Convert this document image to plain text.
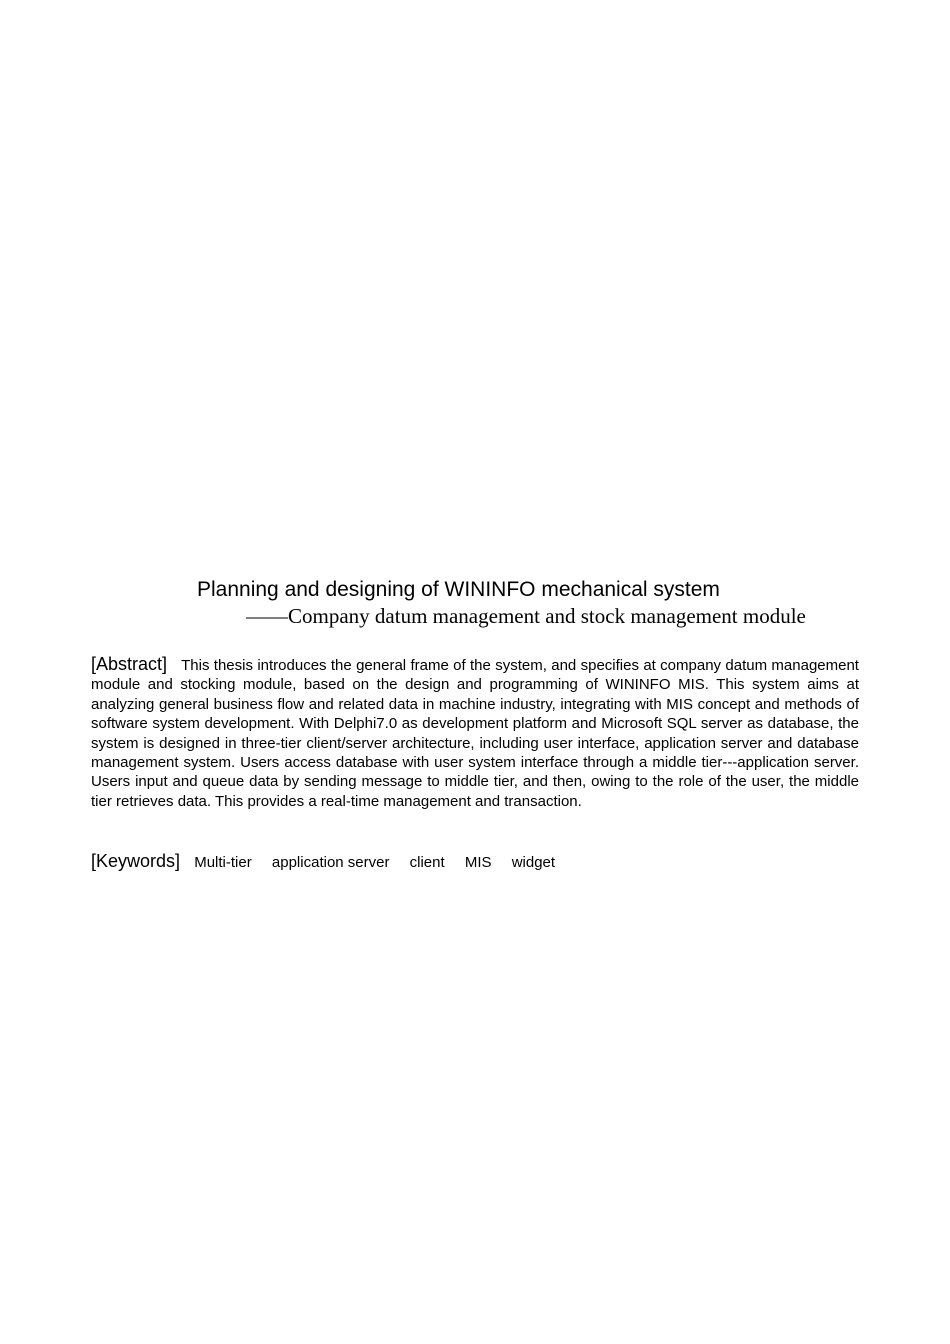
Planning and designing of WININFO mechanical system
——Company datum management and stock management module
[Abstract] This thesis introduces the general frame of the system, and specifies at company datum management module and stocking module, based on the design and programming of WININFO MIS. This system aims at analyzing general business flow and related data in machine industry, integrating with MIS concept and methods of software system development. With Delphi7.0 as development platform and Microsoft SQL server as database, the system is designed in three-tier client/server architecture, including user interface, application server and database management system. Users access database with user system interface through a middle tier---application server. Users input and queue data by sending message to middle tier, and then, owing to the role of the user, the middle tier retrieves data. This provides a real-time management and transaction.
[Keywords] Multi-tier application server client MIS widget
